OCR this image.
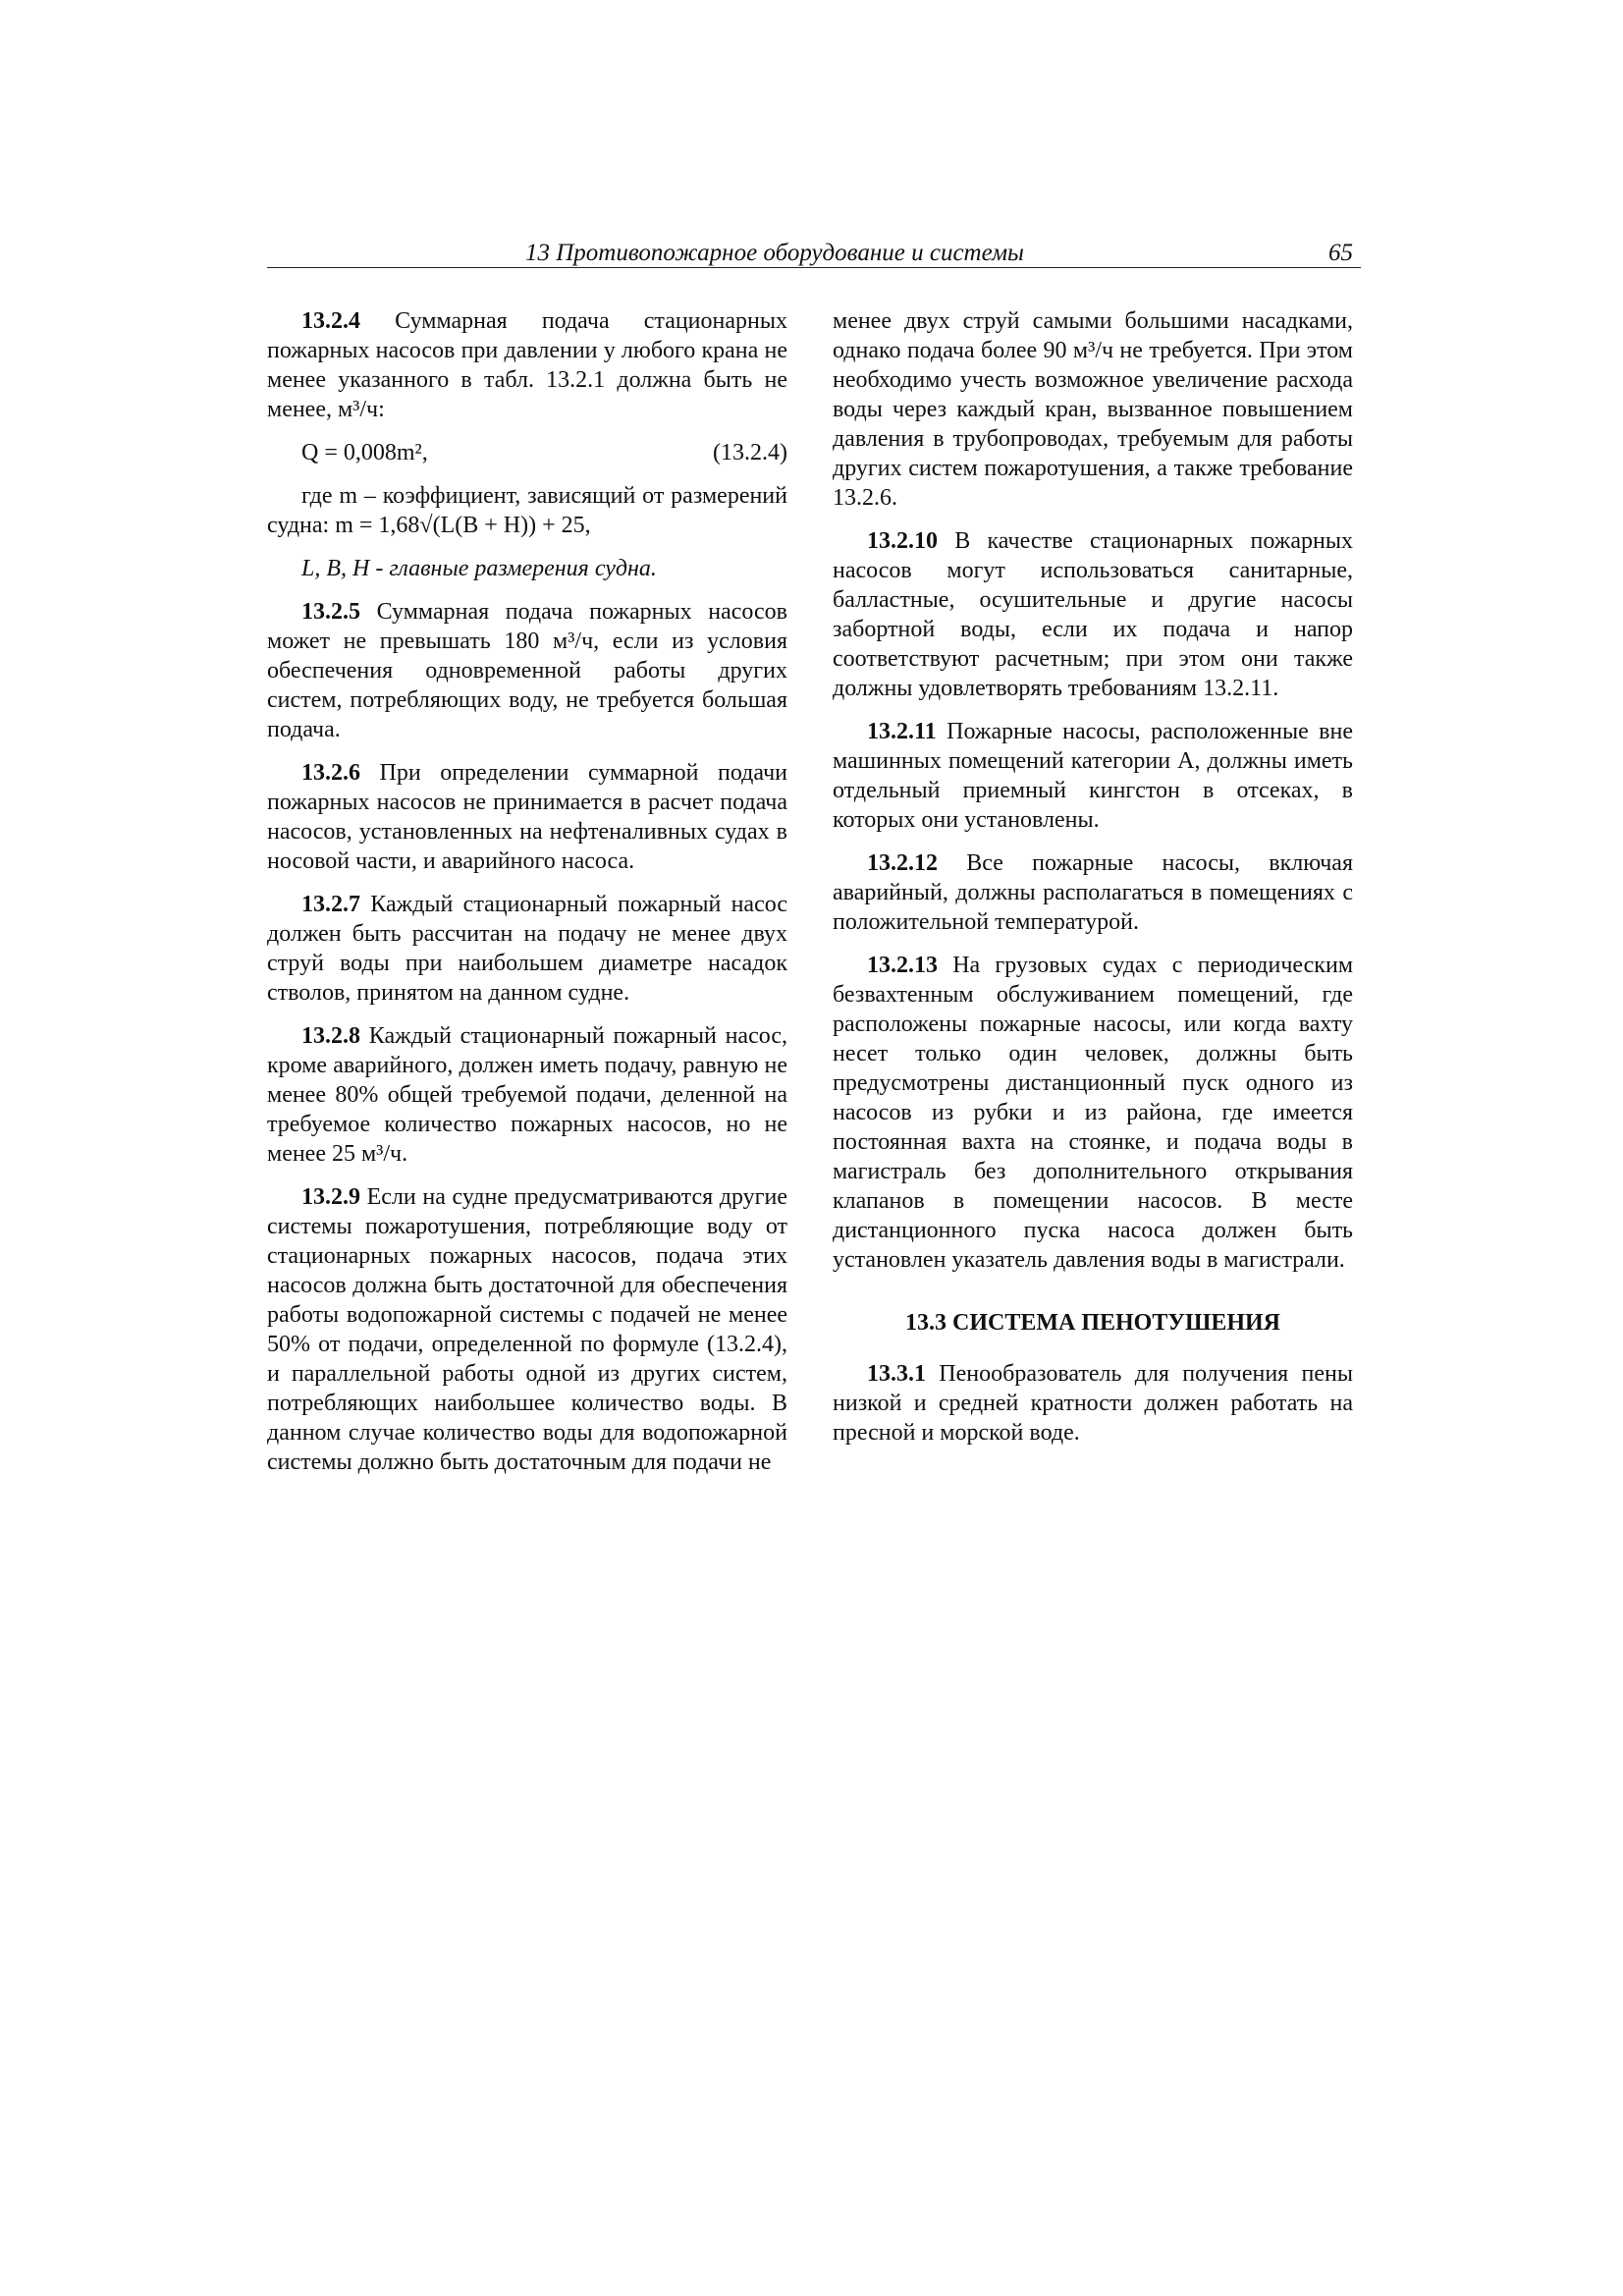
13 Противопожарное оборудование и системы	65

13.2.4 Суммарная подача стационарных пожарных насосов при давлении у любого крана не менее указанного в табл. 13.2.1 должна быть не менее, м³/ч:

Q = 0,008m²,	(13.2.4)

где m – коэффициент, зависящий от размерений судна: m = 1,68√(L(B + H)) + 25,

L, B, H - главные размерения судна.

13.2.5 Суммарная подача пожарных насосов может не превышать 180 м³/ч, если из условия обеспечения одновременной работы других систем, потребляющих воду, не требуется большая подача.

13.2.6 При определении суммарной подачи пожарных насосов не принимается в расчет подача насосов, установленных на нефтеналивных судах в носовой части, и аварийного насоса.

13.2.7 Каждый стационарный пожарный насос должен быть рассчитан на подачу не менее двух струй воды при наибольшем диаметре насадок стволов, принятом на данном судне.

13.2.8 Каждый стационарный пожарный насос, кроме аварийного, должен иметь подачу, равную не менее 80% общей требуемой подачи, деленной на требуемое количество пожарных насосов, но не менее 25 м³/ч.

13.2.9 Если на судне предусматриваются другие системы пожаротушения, потребляющие воду от стационарных пожарных насосов, подача этих насосов должна быть достаточной для обеспечения работы водопожарной системы с подачей не менее 50% от подачи, определенной по формуле (13.2.4), и параллельной работы одной из других систем, потребляющих наибольшее количество воды. В данном случае количество воды для водопожарной системы должно быть достаточным для подачи не

менее двух струй самыми большими насадками, однако подача более 90 м³/ч не требуется. При этом необходимо учесть возможное увеличение расхода воды через каждый кран, вызванное повышением давления в трубопроводах, требуемым для работы других систем пожаротушения, а также требование 13.2.6.

13.2.10 В качестве стационарных пожарных насосов могут использоваться санитарные, балластные, осушительные и другие насосы забортной воды, если их подача и напор соответствуют расчетным; при этом они также должны удовлетворять требованиям 13.2.11.

13.2.11 Пожарные насосы, расположенные вне машинных помещений категории А, должны иметь отдельный приемный кингстон в отсеках, в которых они установлены.

13.2.12 Все пожарные насосы, включая аварийный, должны располагаться в помещениях с положительной температурой.

13.2.13 На грузовых судах с периодическим безвахтенным обслуживанием помещений, где расположены пожарные насосы, или когда вахту несет только один человек, должны быть предусмотрены дистанционный пуск одного из насосов из рубки и из района, где имеется постоянная вахта на стоянке, и подача воды в магистраль без дополнительного открывания клапанов в помещении насосов. В месте дистанционного пуска насоса должен быть установлен указатель давления воды в магистрали.

13.3 СИСТЕМА ПЕНОТУШЕНИЯ

13.3.1 Пенообразователь для получения пены низкой и средней кратности должен работать на пресной и морской воде.
